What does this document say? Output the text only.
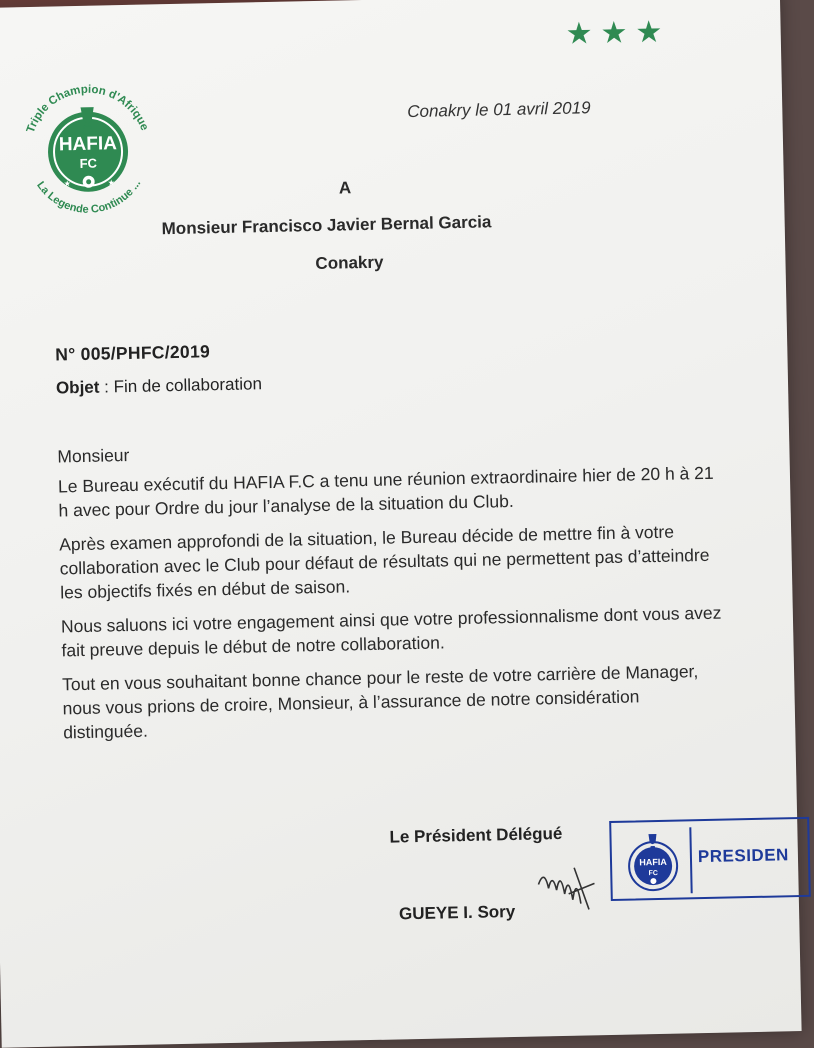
★ ★ ★
Triple Champion d'Afrique
La Legende Continue ...
HAFIA
FC
★	★
Conakry le 01 avril 2019
A
Monsieur Francisco Javier Bernal Garcia
Conakry
N° 005/PHFC/2019
Objet : Fin de collaboration

Monsieur

Le Bureau exécutif du HAFIA F.C a tenu une réunion extraordinaire hier de 20 h à 21 h avec pour Ordre du jour l’analyse de la situation du Club.

Après examen approfondi de la situation, le Bureau décide de mettre fin à votre collaboration avec le Club pour défaut de résultats qui ne permettent pas d’atteindre les objectifs fixés en début de saison.

Nous saluons ici votre engagement ainsi que votre professionnalisme dont vous avez fait preuve depuis le début de notre collaboration.

Tout en vous souhaitant bonne chance pour le reste de votre carrière de Manager, nous vous prions de croire, Monsieur, à l’assurance de notre considération distinguée.

Le Président Délégué
GUEYE I. Sory
HAFIA
FC
PRESIDEN
